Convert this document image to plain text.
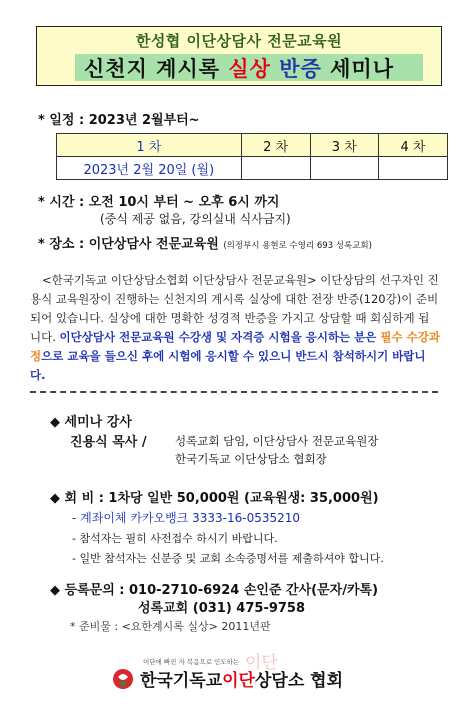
한성협 이단상담사 전문교육원
신천지 계시록 실상 반증 세미나
* 일정 : 2023년 2월부터~
1 차	2 차	3 차	4 차
2023년 2월 20일 (월)			
* 시간 : 오전 10시 부터 ~ 오후 6시 까지
(중식 제공 없음, 강의실내 식사금지)
* 장소 : 이단상담사 전문교육원 (의정부시 용현로 수영리 693 성록교회)

<한국기독교 이단상담소협회 이단상담사 전문교육원> 이단상담의 선구자인 진용식 교육원장이 진행하는 신천지의 계시록 실상에 대한 전장 반증(120강)이 준비되어 있습니다. 실상에 대한 명확한 성경적 반증을 가지고 상담할 때 회심하게 됩니다. 이단상담사 전문교육원 수강생 및 자격증 시험을 응시하는 분은 필수 수강과정으로 교육을 들으신 후에 시험에 응시할 수 있으니 반드시 참석하시기 바랍니다.

◆ 세미나 강사
진용식 목사 / 성록교회 담임, 이단상담사 전문교육원장
한국기독교 이단상담소 협회장
◆ 회 비 : 1차당 일반 50,000원 (교육원생: 35,000원)
- 계좌이체 카카오뱅크 3333-16-0535210
- 참석자는 필히 사전접수 하시기 바랍니다.
- 일반 참석자는 신분증 및 교회 소속증명서를 제출하셔야 합니다.
◆ 등록문의 : 010-2710-6924 손인준 간사(문자/카톡)
성록교회 (031) 475-9758
* 준비물 : <요한계시록 실상> 2011년판
이단에 빠진 자 복음으로 인도하는 이단
한국기독교이단상담소 협회
